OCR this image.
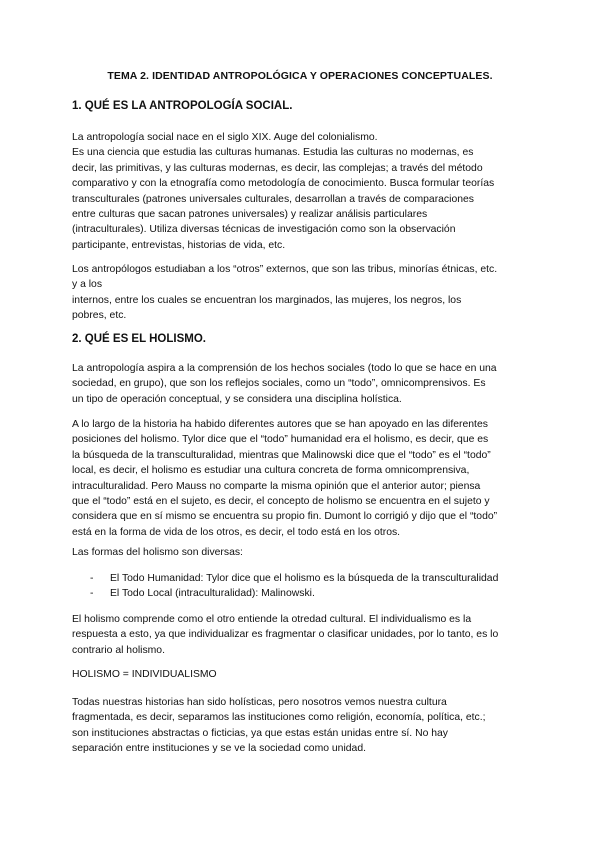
TEMA 2. IDENTIDAD ANTROPOLÓGICA Y OPERACIONES CONCEPTUALES.
1. QUÉ ES LA ANTROPOLOGÍA SOCIAL.
La antropología social nace en el siglo XIX. Auge del colonialismo.
Es una ciencia que estudia las culturas humanas. Estudia las culturas no modernas, es
decir, las primitivas, y las culturas modernas, es decir, las complejas; a través del método
comparativo y con la etnografía como metodología de conocimiento. Busca formular teorías
transculturales (patrones universales culturales, desarrollan a través de comparaciones
entre culturas que sacan patrones universales) y realizar análisis particulares
(intraculturales). Utiliza diversas técnicas de investigación como son la observación
participante, entrevistas, historias de vida, etc.
Los antropólogos estudiaban a los “otros” externos, que son las tribus, minorías étnicas, etc.
y a los
internos, entre los cuales se encuentran los marginados, las mujeres, los negros, los
pobres, etc.
2. QUÉ ES EL HOLISMO.
La antropología aspira a la comprensión de los hechos sociales (todo lo que se hace en una
sociedad, en grupo), que son los reflejos sociales, como un “todo”, omnicomprensivos. Es
un tipo de operación conceptual, y se considera una disciplina holística.
A lo largo de la historia ha habido diferentes autores que se han apoyado en las diferentes
posiciones del holismo. Tylor dice que el “todo” humanidad era el holismo, es decir, que es
la búsqueda de la transculturalidad, mientras que Malinowski dice que el “todo” es el “todo”
local, es decir, el holismo es estudiar una cultura concreta de forma omnicomprensiva,
intraculturalidad. Pero Mauss no comparte la misma opinión que el anterior autor; piensa
que el “todo” está en el sujeto, es decir, el concepto de holismo se encuentra en el sujeto y
considera que en sí mismo se encuentra su propio fin. Dumont lo corrigió y dijo que el “todo”
está en la forma de vida de los otros, es decir, el todo está en los otros.
Las formas del holismo son diversas:
-	El Todo Humanidad: Tylor dice que el holismo es la búsqueda de la transculturalidad
-	El Todo Local (intraculturalidad): Malinowski.
El holismo comprende como el otro entiende la otredad cultural. El individualismo es la
respuesta a esto, ya que individualizar es fragmentar o clasificar unidades, por lo tanto, es lo
contrario al holismo.
HOLISMO = INDIVIDUALISMO
Todas nuestras historias han sido holísticas, pero nosotros vemos nuestra cultura
fragmentada, es decir, separamos las instituciones como religión, economía, política, etc.;
son instituciones abstractas o ficticias, ya que estas están unidas entre sí. No hay
separación entre instituciones y se ve la sociedad como unidad.
